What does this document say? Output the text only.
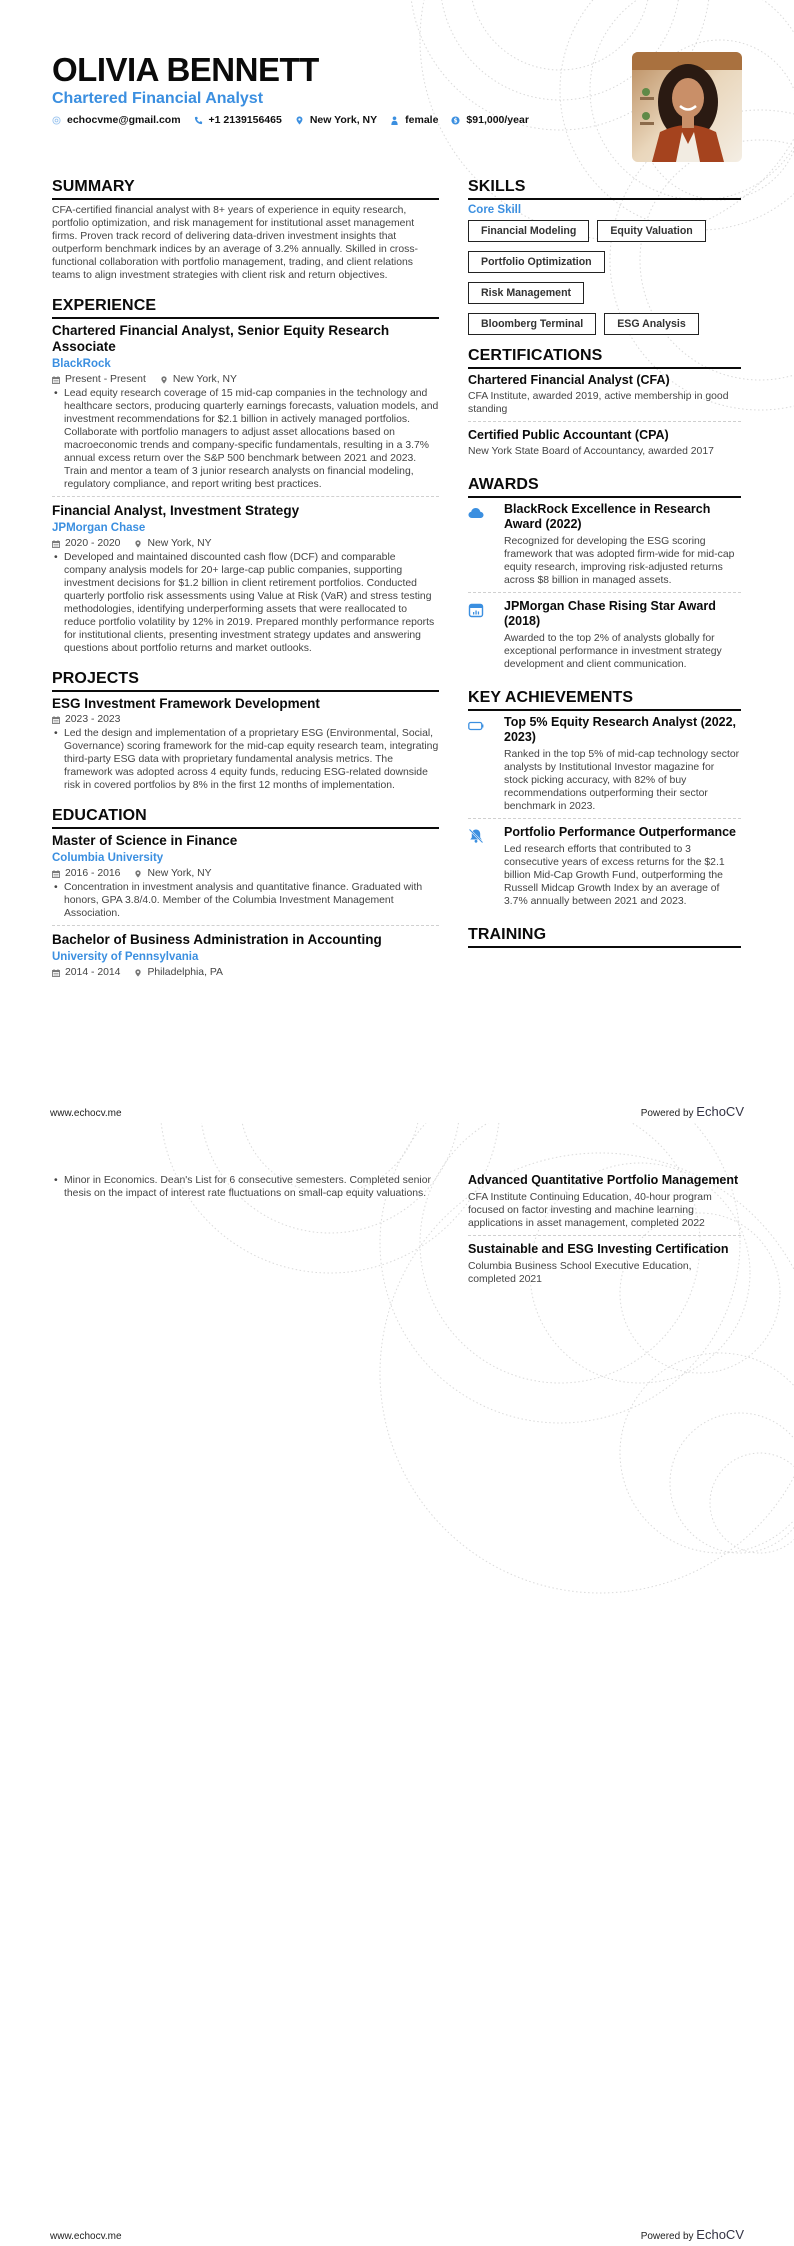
OLIVIA BENNETT
Chartered Financial Analyst
echocvme@gmail.com	+1 2139156465	New York, NY	female $ $91,000/year
SUMMARY

CFA-certified financial analyst with 8+ years of experience in equity research, portfolio optimization, and risk management for institutional asset management firms. Proven track record of delivering data-driven investment insights that outperform benchmark indices by an average of 3.2% annually. Skilled in cross-functional collaboration with portfolio management, trading, and client relations teams to align investment strategies with client risk and return objectives.

EXPERIENCE
Chartered Financial Analyst, Senior Equity Research Associate
BlackRock
Present - Present	New York, NY
• Lead equity research coverage of 15 mid-cap companies in the technology and healthcare sectors, producing quarterly earnings forecasts, valuation models, and investment recommendations for $2.1 billion in actively managed portfolios. Collaborate with portfolio managers to adjust asset allocations based on macroeconomic trends and company-specific fundamentals, resulting in a 3.7% annual excess return over the S&P 500 benchmark between 2021 and 2023. Train and mentor a team of 3 junior research analysts on financial modeling, regulatory compliance, and report writing best practices.
Financial Analyst, Investment Strategy
JPMorgan Chase
2020 - 2020	New York, NY
• Developed and maintained discounted cash flow (DCF) and comparable company analysis models for 20+ large-cap public companies, supporting investment decisions for $1.2 billion in client retirement portfolios. Conducted quarterly portfolio risk assessments using Value at Risk (VaR) and stress testing methodologies, identifying underperforming assets that were reallocated to reduce portfolio volatility by 12% in 2019. Prepared monthly performance reports for institutional clients, presenting investment strategy updates and answering questions about portfolio returns and market outlooks.
PROJECTS
ESG Investment Framework Development
2023 - 2023
• Led the design and implementation of a proprietary ESG (Environmental, Social, Governance) scoring framework for the mid-cap equity research team, integrating third-party ESG data with proprietary fundamental analysis metrics. The framework was adopted across 4 equity funds, reducing ESG-related downside risk in covered portfolios by 8% in the first 12 months of implementation.
EDUCATION
Master of Science in Finance
Columbia University
2016 - 2016	New York, NY
• Concentration in investment analysis and quantitative finance. Graduated with honors, GPA 3.8/4.0. Member of the Columbia Investment Management Association.
Bachelor of Business Administration in Accounting
University of Pennsylvania
2014 - 2014	Philadelphia, PA
SKILLS
Core Skill
Financial Modeling	Equity Valuation
Portfolio Optimization
Risk Management
Bloomberg Terminal	ESG Analysis
CERTIFICATIONS
Chartered Financial Analyst (CFA)

CFA Institute, awarded 2019, active membership in good standing

Certified Public Accountant (CPA)

New York State Board of Accountancy, awarded 2017

AWARDS
BlackRock Excellence in Research Award (2022)

Recognized for developing the ESG scoring framework that was adopted firm-wide for mid-cap equity research, improving risk-adjusted returns across $8 billion in managed assets.

JPMorgan Chase Rising Star Award (2018)

Awarded to the top 2% of analysts globally for exceptional performance in investment strategy development and client communication.

KEY ACHIEVEMENTS
Top 5% Equity Research Analyst (2022, 2023)

Ranked in the top 5% of mid-cap technology sector analysts by Institutional Investor magazine for stock picking accuracy, with 82% of buy recommendations outperforming their sector benchmark in 2023.

Portfolio Performance Outperformance

Led research efforts that contributed to 3 consecutive years of excess returns for the $2.1 billion Mid-Cap Growth Fund, outperforming the Russell Midcap Growth Index by an average of 3.7% annually between 2021 and 2023.

TRAINING
www.echocv.me	Powered by EchoCV
• Minor in Economics. Dean's List for 6 consecutive semesters. Completed senior thesis on the impact of interest rate fluctuations on small-cap equity valuations.
Advanced Quantitative Portfolio Management

CFA Institute Continuing Education, 40-hour program focused on factor investing and machine learning applications in asset management, completed 2022

Sustainable and ESG Investing Certification

Columbia Business School Executive Education, completed 2021

www.echocv.me	Powered by EchoCV
